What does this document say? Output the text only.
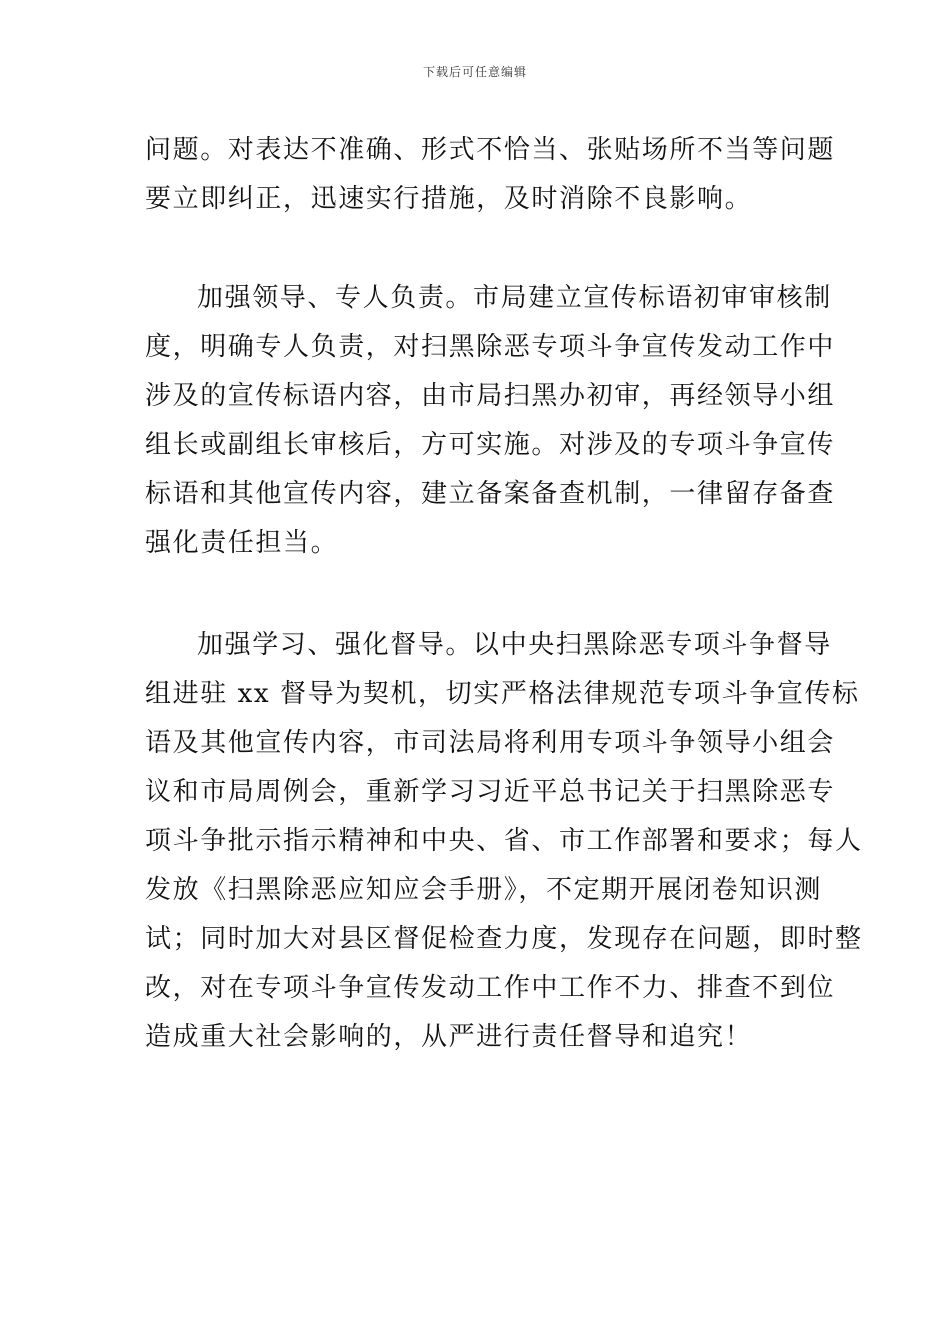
下载后可任意编辑
问题。对表达不准确、形式不恰当、张贴场所不当等问题
要立即纠正，迅速实行措施，及时消除不良影响。
加强领导、专人负责。市局建立宣传标语初审审核制
度，明确专人负责，对扫黑除恶专项斗争宣传发动工作中
涉及的宣传标语内容，由市局扫黑办初审，再经领导小组
组长或副组长审核后，方可实施。对涉及的专项斗争宣传
标语和其他宣传内容，建立备案备查机制，一律留存备查
强化责任担当。
加强学习、强化督导。以中央扫黑除恶专项斗争督导
组进驻 xx 督导为契机，切实严格法律规范专项斗争宣传标
语及其他宣传内容，市司法局将利用专项斗争领导小组会
议和市局周例会，重新学习习近平总书记关于扫黑除恶专
项斗争批示指示精神和中央、省、市工作部署和要求；每人
发放《扫黑除恶应知应会手册》，不定期开展闭卷知识测
试；同时加大对县区督促检查力度，发现存在问题，即时整
改，对在专项斗争宣传发动工作中工作不力、排查不到位
造成重大社会影响的，从严进行责任督导和追究！
